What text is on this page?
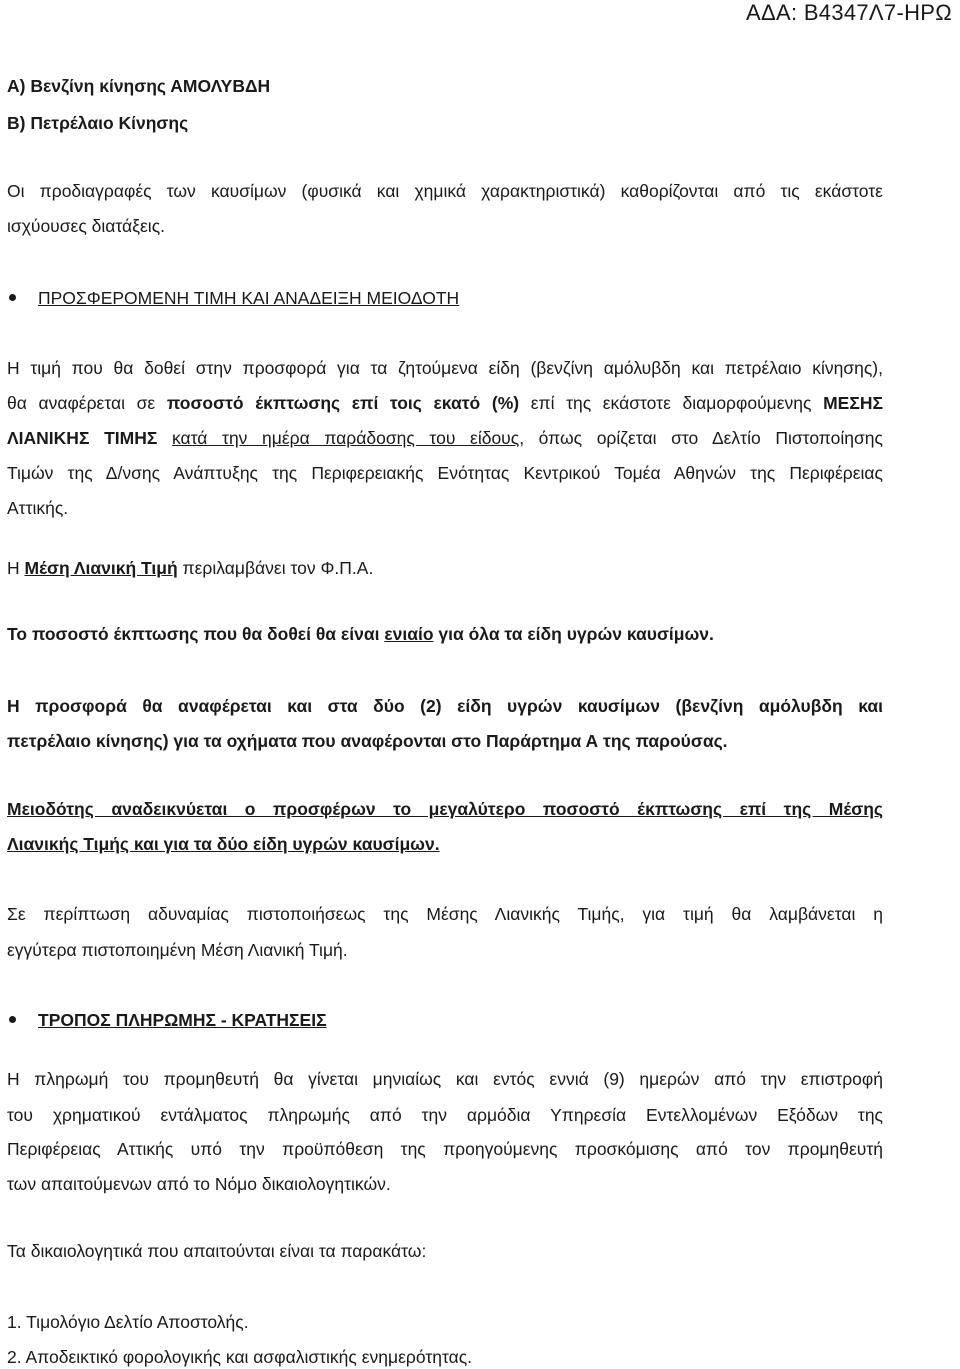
ΑΔΑ: Β4347Λ7-ΗΡΩ
Α) Βενζίνη κίνησης ΑΜΟΛΥΒΔΗ
Β) Πετρέλαιο Κίνησης
Οι προδιαγραφές των καυσίμων (φυσικά και χημικά χαρακτηριστικά) καθορίζονται από τις εκάστοτε
ισχύουσες διατάξεις.
ΠΡΟΣΦΕΡΟΜΕΝΗ ΤΙΜΗ ΚΑΙ ΑΝΑΔΕΙΞΗ ΜΕΙΟΔΟΤΗ
Η τιμή που θα δοθεί στην προσφορά για τα ζητούμενα είδη (βενζίνη αμόλυβδη και πετρέλαιο κίνησης),
θα αναφέρεται σε ποσοστό έκπτωσης επί τοις εκατό (%) επί της εκάστοτε διαμορφούμενης ΜΕΣΗΣ
ΛΙΑΝΙΚΗΣ ΤΙΜΗΣ κατά την ημέρα παράδοσης του είδους, όπως ορίζεται στο Δελτίο Πιστοποίησης
Τιμών της Δ/νσης Ανάπτυξης της Περιφερειακής Ενότητας Κεντρικού Τομέα Αθηνών της Περιφέρειας
Αττικής.
Η Μέση Λιανική Τιμή περιλαμβάνει τον Φ.Π.Α.
Το ποσοστό έκπτωσης που θα δοθεί θα είναι ενιαίο για όλα τα είδη υγρών καυσίμων.
Η προσφορά θα αναφέρεται και στα δύο (2) είδη υγρών καυσίμων (βενζίνη αμόλυβδη και
πετρέλαιο κίνησης) για τα οχήματα που αναφέρονται στο Παράρτημα Α της παρούσας.
Μειοδότης αναδεικνύεται ο προσφέρων το μεγαλύτερο ποσοστό έκπτωσης επί της Μέσης
Λιανικής Τιμής και για τα δύο είδη υγρών καυσίμων.
Σε περίπτωση αδυναμίας πιστοποιήσεως της Μέσης Λιανικής Τιμής, για τιμή θα λαμβάνεται η
εγγύτερα πιστοποιημένη Μέση Λιανική Τιμή.
ΤΡΟΠΟΣ ΠΛΗΡΩΜΗΣ - ΚΡΑΤΗΣΕΙΣ
Η πληρωμή του προμηθευτή θα γίνεται μηνιαίως και εντός εννιά (9) ημερών από την επιστροφή
του χρηματικού εντάλματος πληρωμής από την αρμόδια Υπηρεσία Εντελλομένων Εξόδων της
Περιφέρειας Αττικής υπό την προϋπόθεση της προηγούμενης προσκόμισης από τον προμηθευτή
των απαιτούμενων από το Νόμο δικαιολογητικών.
Τα δικαιολογητικά που απαιτούνται είναι τα παρακάτω:
1. Τιμολόγιο Δελτίο Αποστολής.
2. Αποδεικτικό φορολογικής και ασφαλιστικής ενημερότητας.
